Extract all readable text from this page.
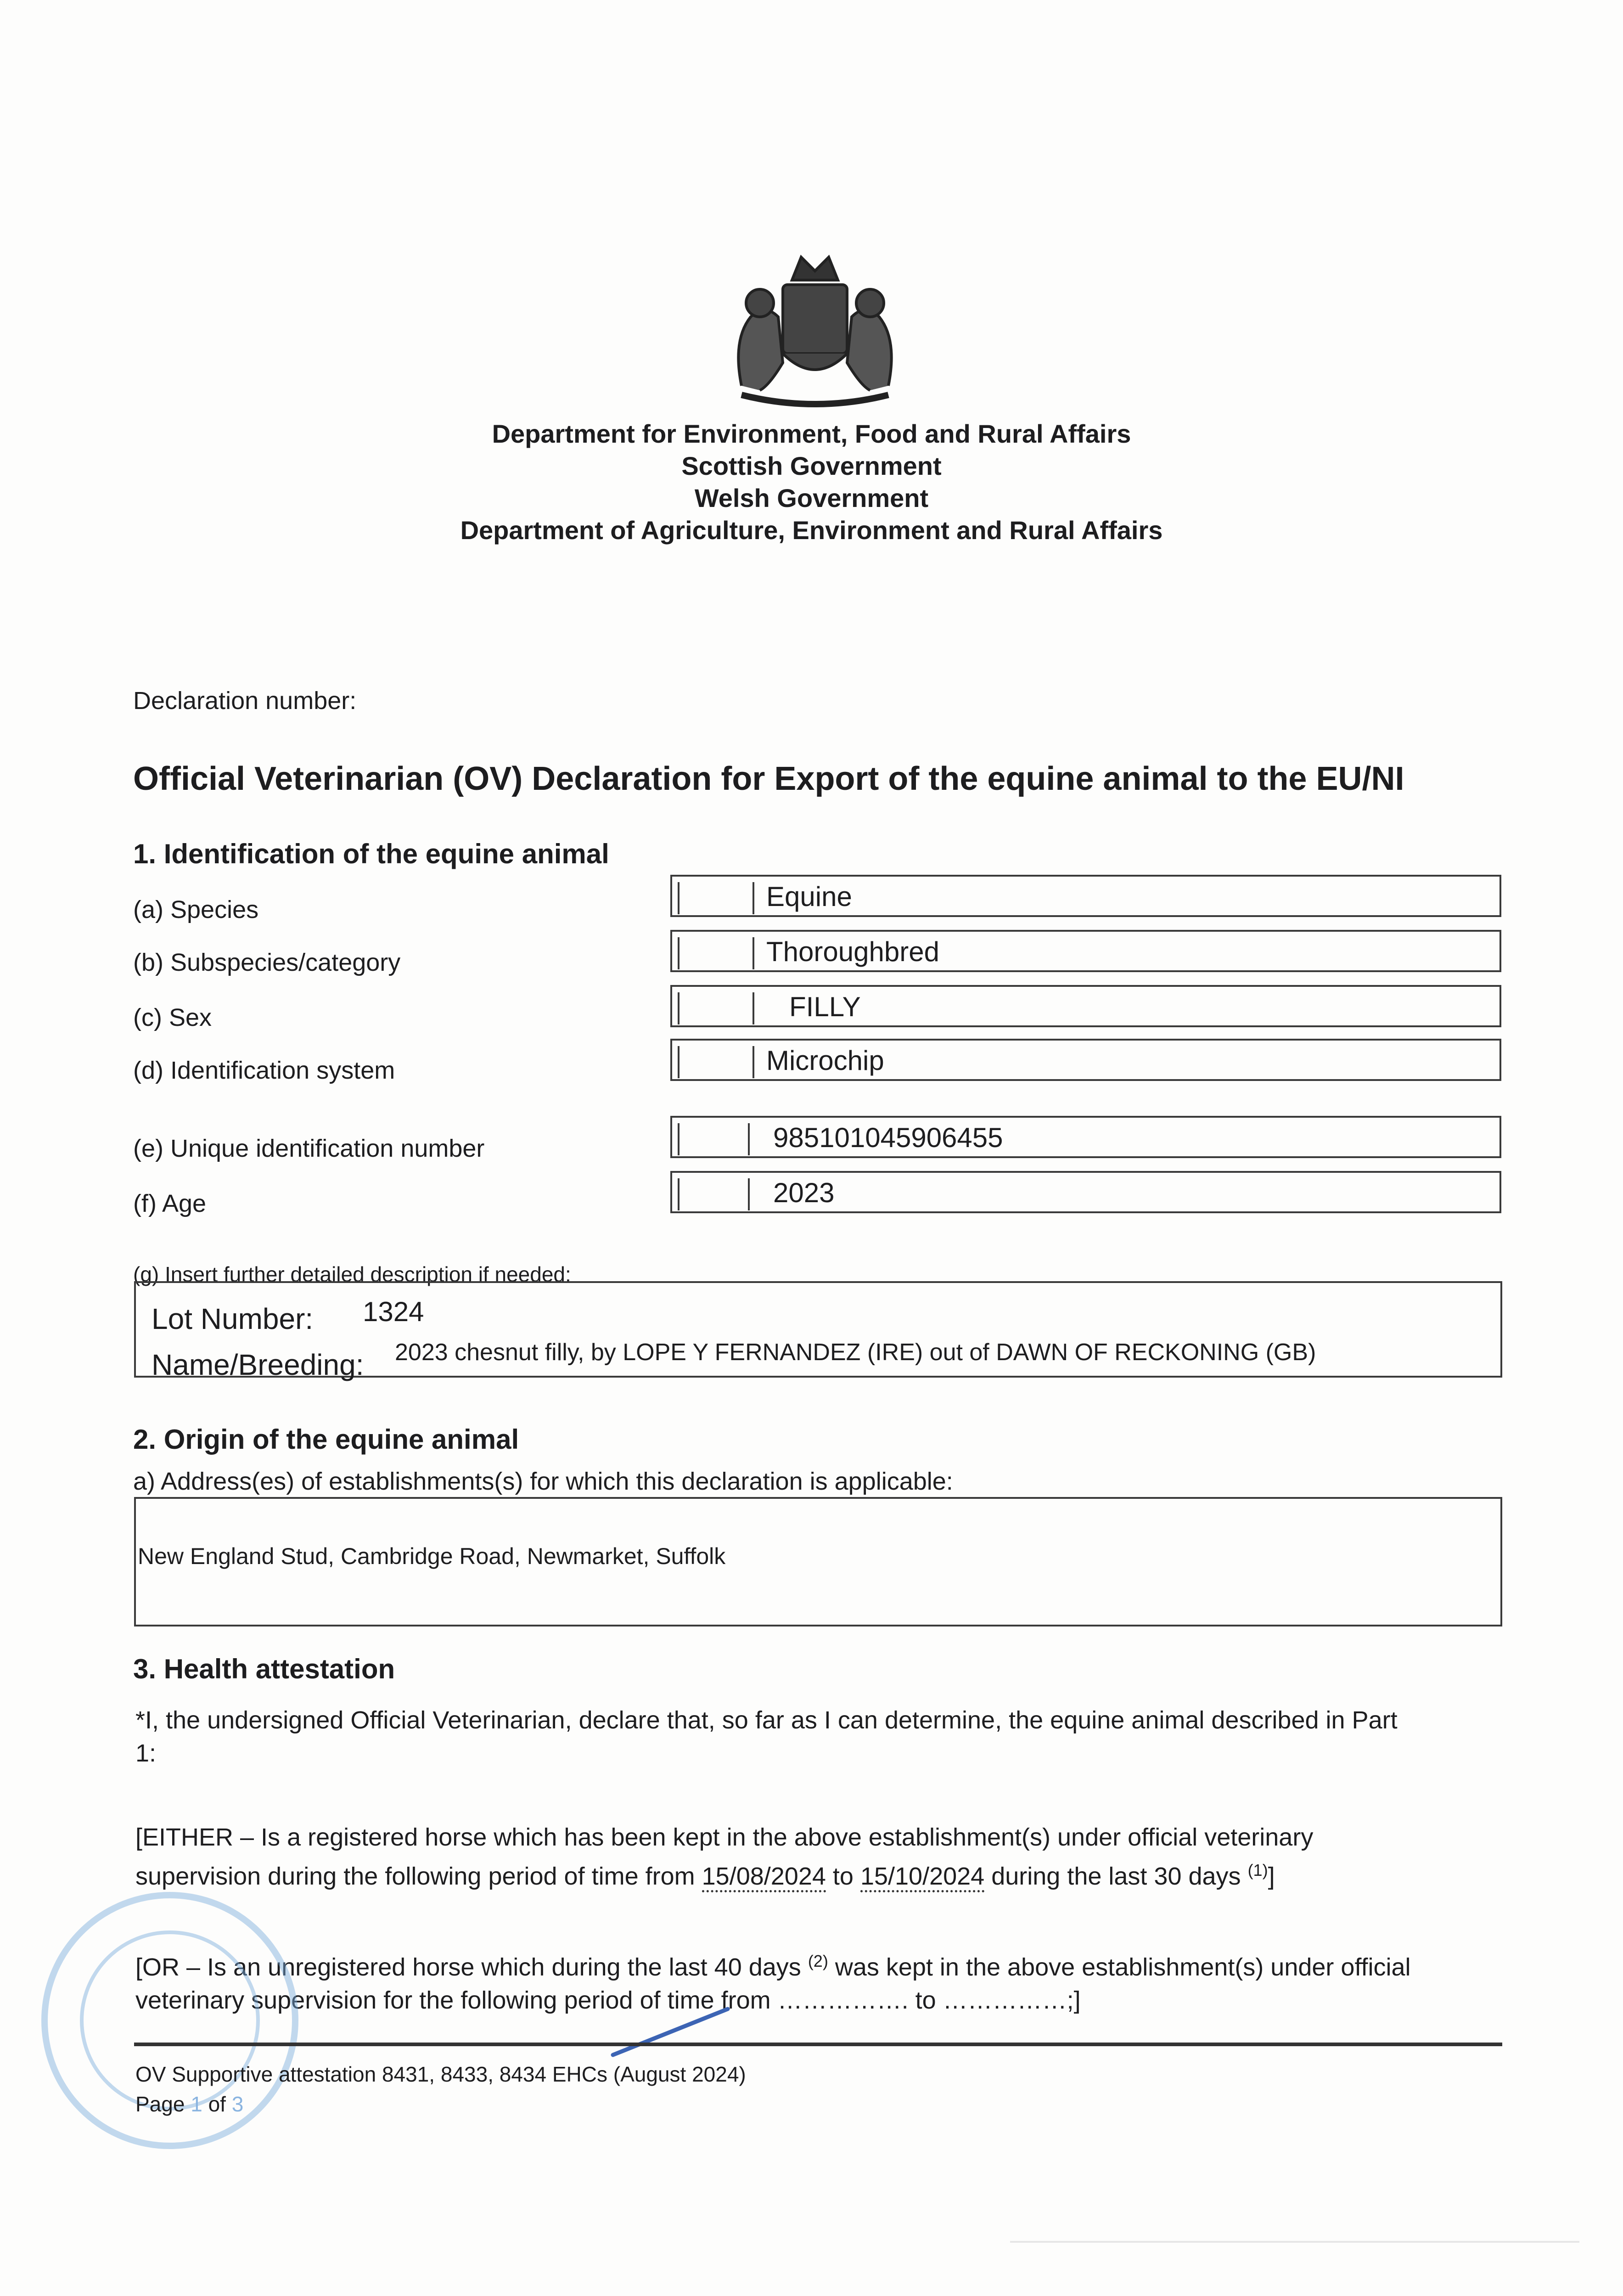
Department for Environment, Food and Rural Affairs
Scottish Government
Welsh Government
Department of Agriculture, Environment and Rural Affairs
Declaration number:
Official Veterinarian (OV) Declaration for Export of the equine animal to the EU/NI
1. Identification of the equine animal
(a) Species	Equine
(b) Subspecies/category	Thoroughbred
(c) Sex	FILLY
(d) Identification system	Microchip
(e) Unique identification number	985101045906455
(f) Age	2023
(g) Insert further detailed description if needed:
Lot Number: 1324
Name/Breeding: 2023 chesnut filly, by LOPE Y FERNANDEZ (IRE) out of DAWN OF RECKONING (GB)
2. Origin of the equine animal
a) Address(es) of establishments(s) for which this declaration is applicable:
New England Stud, Cambridge Road, Newmarket, Suffolk
3. Health attestation
*I, the undersigned Official Veterinarian, declare that, so far as I can determine, the equine animal described in Part
1:
[EITHER – Is a registered horse which has been kept in the above establishment(s) under official veterinary
supervision during the following period of time from 15/08/2024 to 15/10/2024 during the last 30 days $^{(1)}$]
[OR – Is an unregistered horse which during the last 40 days $^{(2)}$ was kept in the above establishment(s) under official
veterinary supervision for the following period of time from ……………. to ……………;]
OV Supportive attestation 8431, 8433, 8434 EHCs (August 2024)
Page 1 of 3
